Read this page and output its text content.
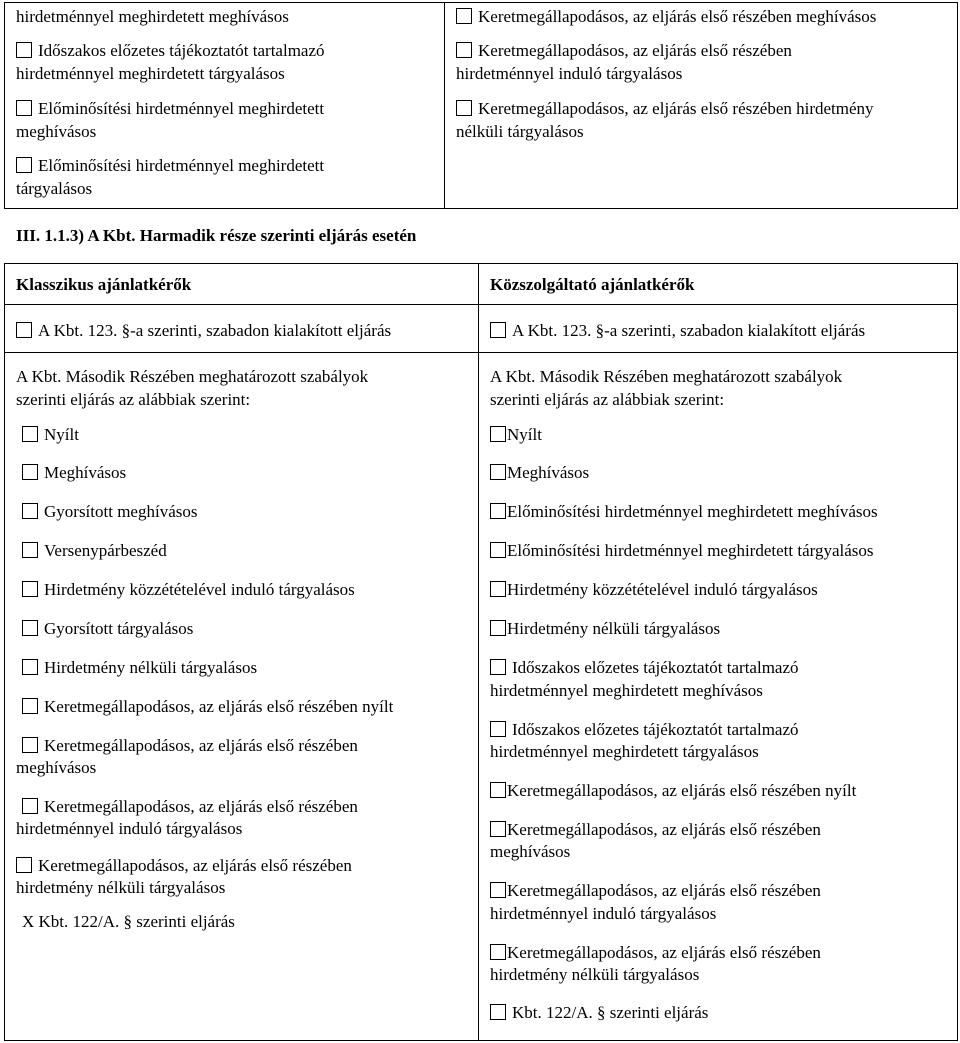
hirdetménnyel meghirdetett meghívásos
Időszakos előzetes tájékoztatót tartalmazó
hirdetménnyel meghirdetett tárgyalásos
Előminősítési hirdetménnyel meghirdetett
meghívásos
Előminősítési hirdetménnyel meghirdetett
tárgyalásos
Keretmegállapodásos, az eljárás első részében meghívásos
Keretmegállapodásos, az eljárás első részében
hirdetménnyel induló tárgyalásos
Keretmegállapodásos, az eljárás első részében hirdetmény
nélküli tárgyalásos
III. 1.1.3) A Kbt. Harmadik része szerinti eljárás esetén
Klasszikus ajánlatkérők	Közszolgáltató ajánlatkérők
A Kbt. 123. §-a szerinti, szabadon kialakított eljárás	A Kbt. 123. §-a szerinti, szabadon kialakított eljárás
A Kbt. Második Részében meghatározott szabályok
szerinti eljárás az alábbiak szerint:
Nyílt
Meghívásos
Gyorsított meghívásos
Versenypárbeszéd
Hirdetmény közzétételével induló tárgyalásos
Gyorsított tárgyalásos
Hirdetmény nélküli tárgyalásos
Keretmegállapodásos, az eljárás első részében nyílt
Keretmegállapodásos, az eljárás első részében
meghívásos
Keretmegállapodásos, az eljárás első részében
hirdetménnyel induló tárgyalásos
Keretmegállapodásos, az eljárás első részében
hirdetmény nélküli tárgyalásos
X Kbt. 122/A. § szerinti eljárás
A Kbt. Második Részében meghatározott szabályok
szerinti eljárás az alábbiak szerint:
Nyílt
Meghívásos
Előminősítési hirdetménnyel meghirdetett meghívásos
Előminősítési hirdetménnyel meghirdetett tárgyalásos
Hirdetmény közzétételével induló tárgyalásos
Hirdetmény nélküli tárgyalásos
Időszakos előzetes tájékoztatót tartalmazó
hirdetménnyel meghirdetett meghívásos
Időszakos előzetes tájékoztatót tartalmazó
hirdetménnyel meghirdetett tárgyalásos
Keretmegállapodásos, az eljárás első részében nyílt
Keretmegállapodásos, az eljárás első részében
meghívásos
Keretmegállapodásos, az eljárás első részében
hirdetménnyel induló tárgyalásos
Keretmegállapodásos, az eljárás első részében
hirdetmény nélküli tárgyalásos
Kbt. 122/A. § szerinti eljárás
